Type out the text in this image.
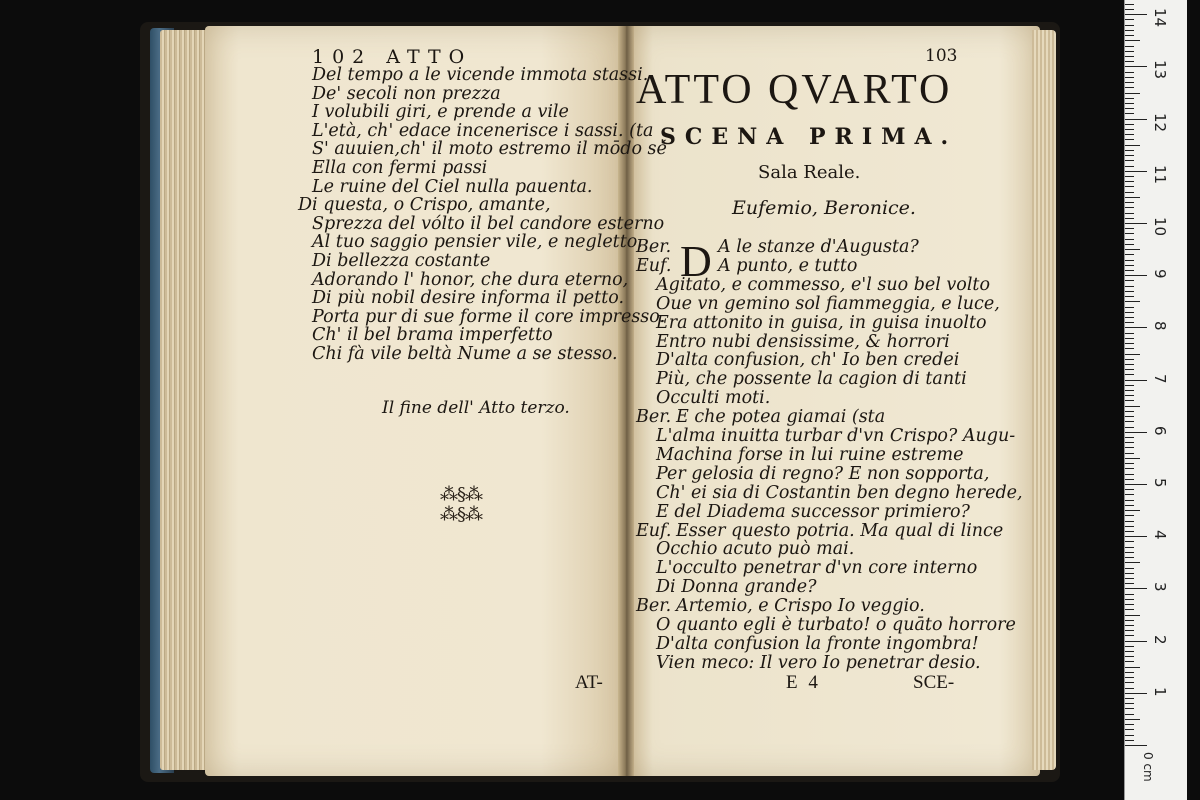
102 ATTO
Del tempo a le vicende immota stassi.
De' secoli non prezza
I volubili giri, e prende a vile
L'età, ch' edace incenerisce i sassi. (ta
S' auuien,ch' il moto estremo il mōdo sé
Ella con fermi passi
Le ruine del Ciel nulla pauenta.
Di questa, o Crispo, amante,
Sprezza del vólto il bel candore esterno
Al tuo saggio pensier vile, e negletto.
Di bellezza costante
Adorando l' honor, che dura eterno,
Di più nobil desire informa il petto.
Porta pur di sue forme il core impresso.
Ch' il bel brama imperfetto
Chi fà vile beltà Nume a se stesso.
Il fine dell' Atto terzo.
⁂§⁂
⁂§⁂
AT-
103
ATTO QVARTO
SCENA PRIMA.
Sala Reale.
Eufemio, Beronice.
D
Ber.	A le stanze d'Augusta?
Euf.	A punto, e tutto
Agitato, e commesso, e'l suo bel volto
Oue vn gemino sol fiammeggia, e luce,
Era attonito in guisa, in guisa inuolto
Entro nubi densissime, & horrori
D'alta confusion, ch' Io ben credei
Più, che possente la cagion di tanti
Occulti moti.
Ber. E che potea giamai (sta
L'alma inuitta turbar d'vn Crispo? Augu-
Machina forse in lui ruine estreme
Per gelosia di regno? E non sopporta,
Ch' ei sia di Costantin ben degno herede,
E del Diadema successor primiero?
Euf. Esser questo potria. Ma qual di lince
Occhio acuto può mai.
L'occulto penetrar d'vn core interno
Di Donna grande?
Ber. Artemio, e Crispo Io veggio.
O quanto egli è turbato! o quāto horrore
D'alta confusion la fronte ingombra!
Vien meco: Il vero Io penetrar desio.
E 4	SCE-
0 cm
1
2
3
4
5
6
7
8
9
10
11
12
13
14
